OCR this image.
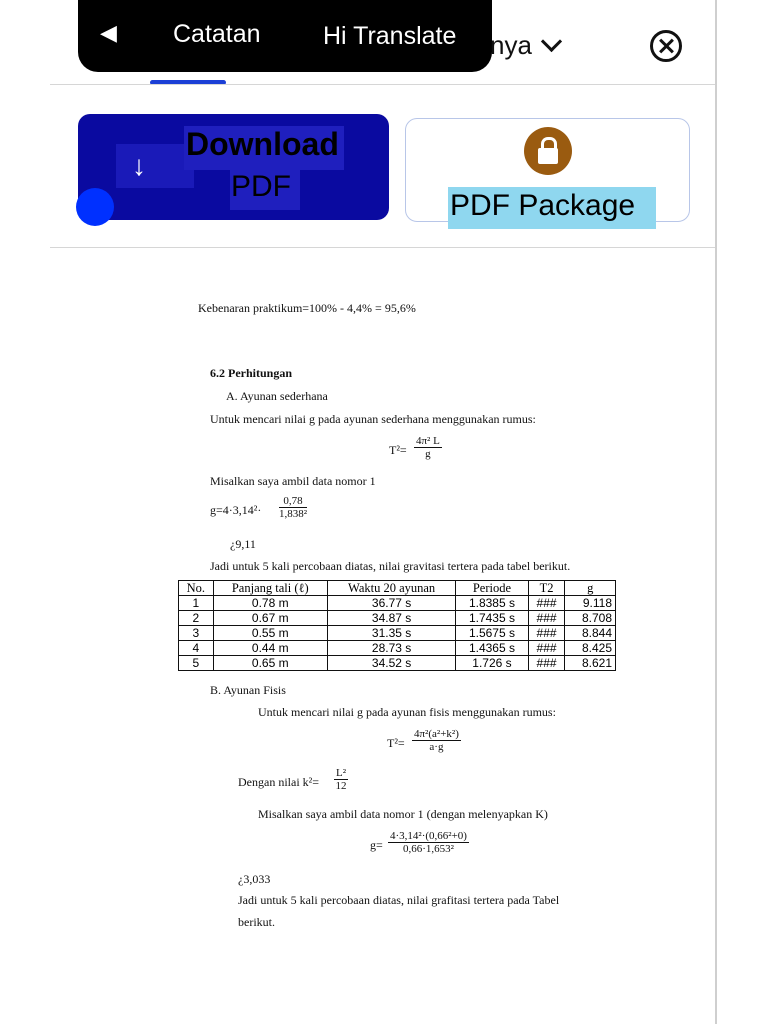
◀ Catatan Hi Translate nya
↓
Download
PDF
PDF Package
Kebenaran praktikum=100% - 4,4% = 95,6%
6.2 Perhitungan
A. Ayunan sederhana
Untuk mencari nilai g pada ayunan sederhana menggunakan rumus:
$T^2= \frac{\text{4π² L}}{g}$
Misalkan saya ambil data nomor 1
$g=4\cdot 3,14^2\cdot \frac{0,78}{\text{1,838²}}$
¿9,11
Jadi untuk 5 kali percobaan diatas, nilai gravitasi tertera pada tabel berikut.
B. Ayunan Fisis
Untuk mencari nilai g pada ayunan fisis menggunakan rumus:
$T^2= \frac{\text{4π²(a²+k²)}}{a\cdot g}$
Dengan nilai $k^2= \frac{\text{L²}}{12}$
Misalkan saya ambil data nomor 1 (dengan melenyapkan K)
$g= \frac{\text{4·3,14²·(0,66²+0)}}{\text{0,66·1,653²}}$
¿3,033
Jadi untuk 5 kali percobaan diatas, nilai grafitasi tertera pada Tabel
berikut.
No.	Panjang tali (ℓ)	Waktu 20 ayunan	Periode	T2	g
1	0.78 m	36.77 s	1.8385 s	###	9.118
2	0.67 m	34.87 s	1.7435 s	###	8.708
3	0.55 m	31.35 s	1.5675 s	###	8.844
4	0.44 m	28.73 s	1.4365 s	###	8.425
5	0.65 m	34.52 s	1.726 s	###	8.621
